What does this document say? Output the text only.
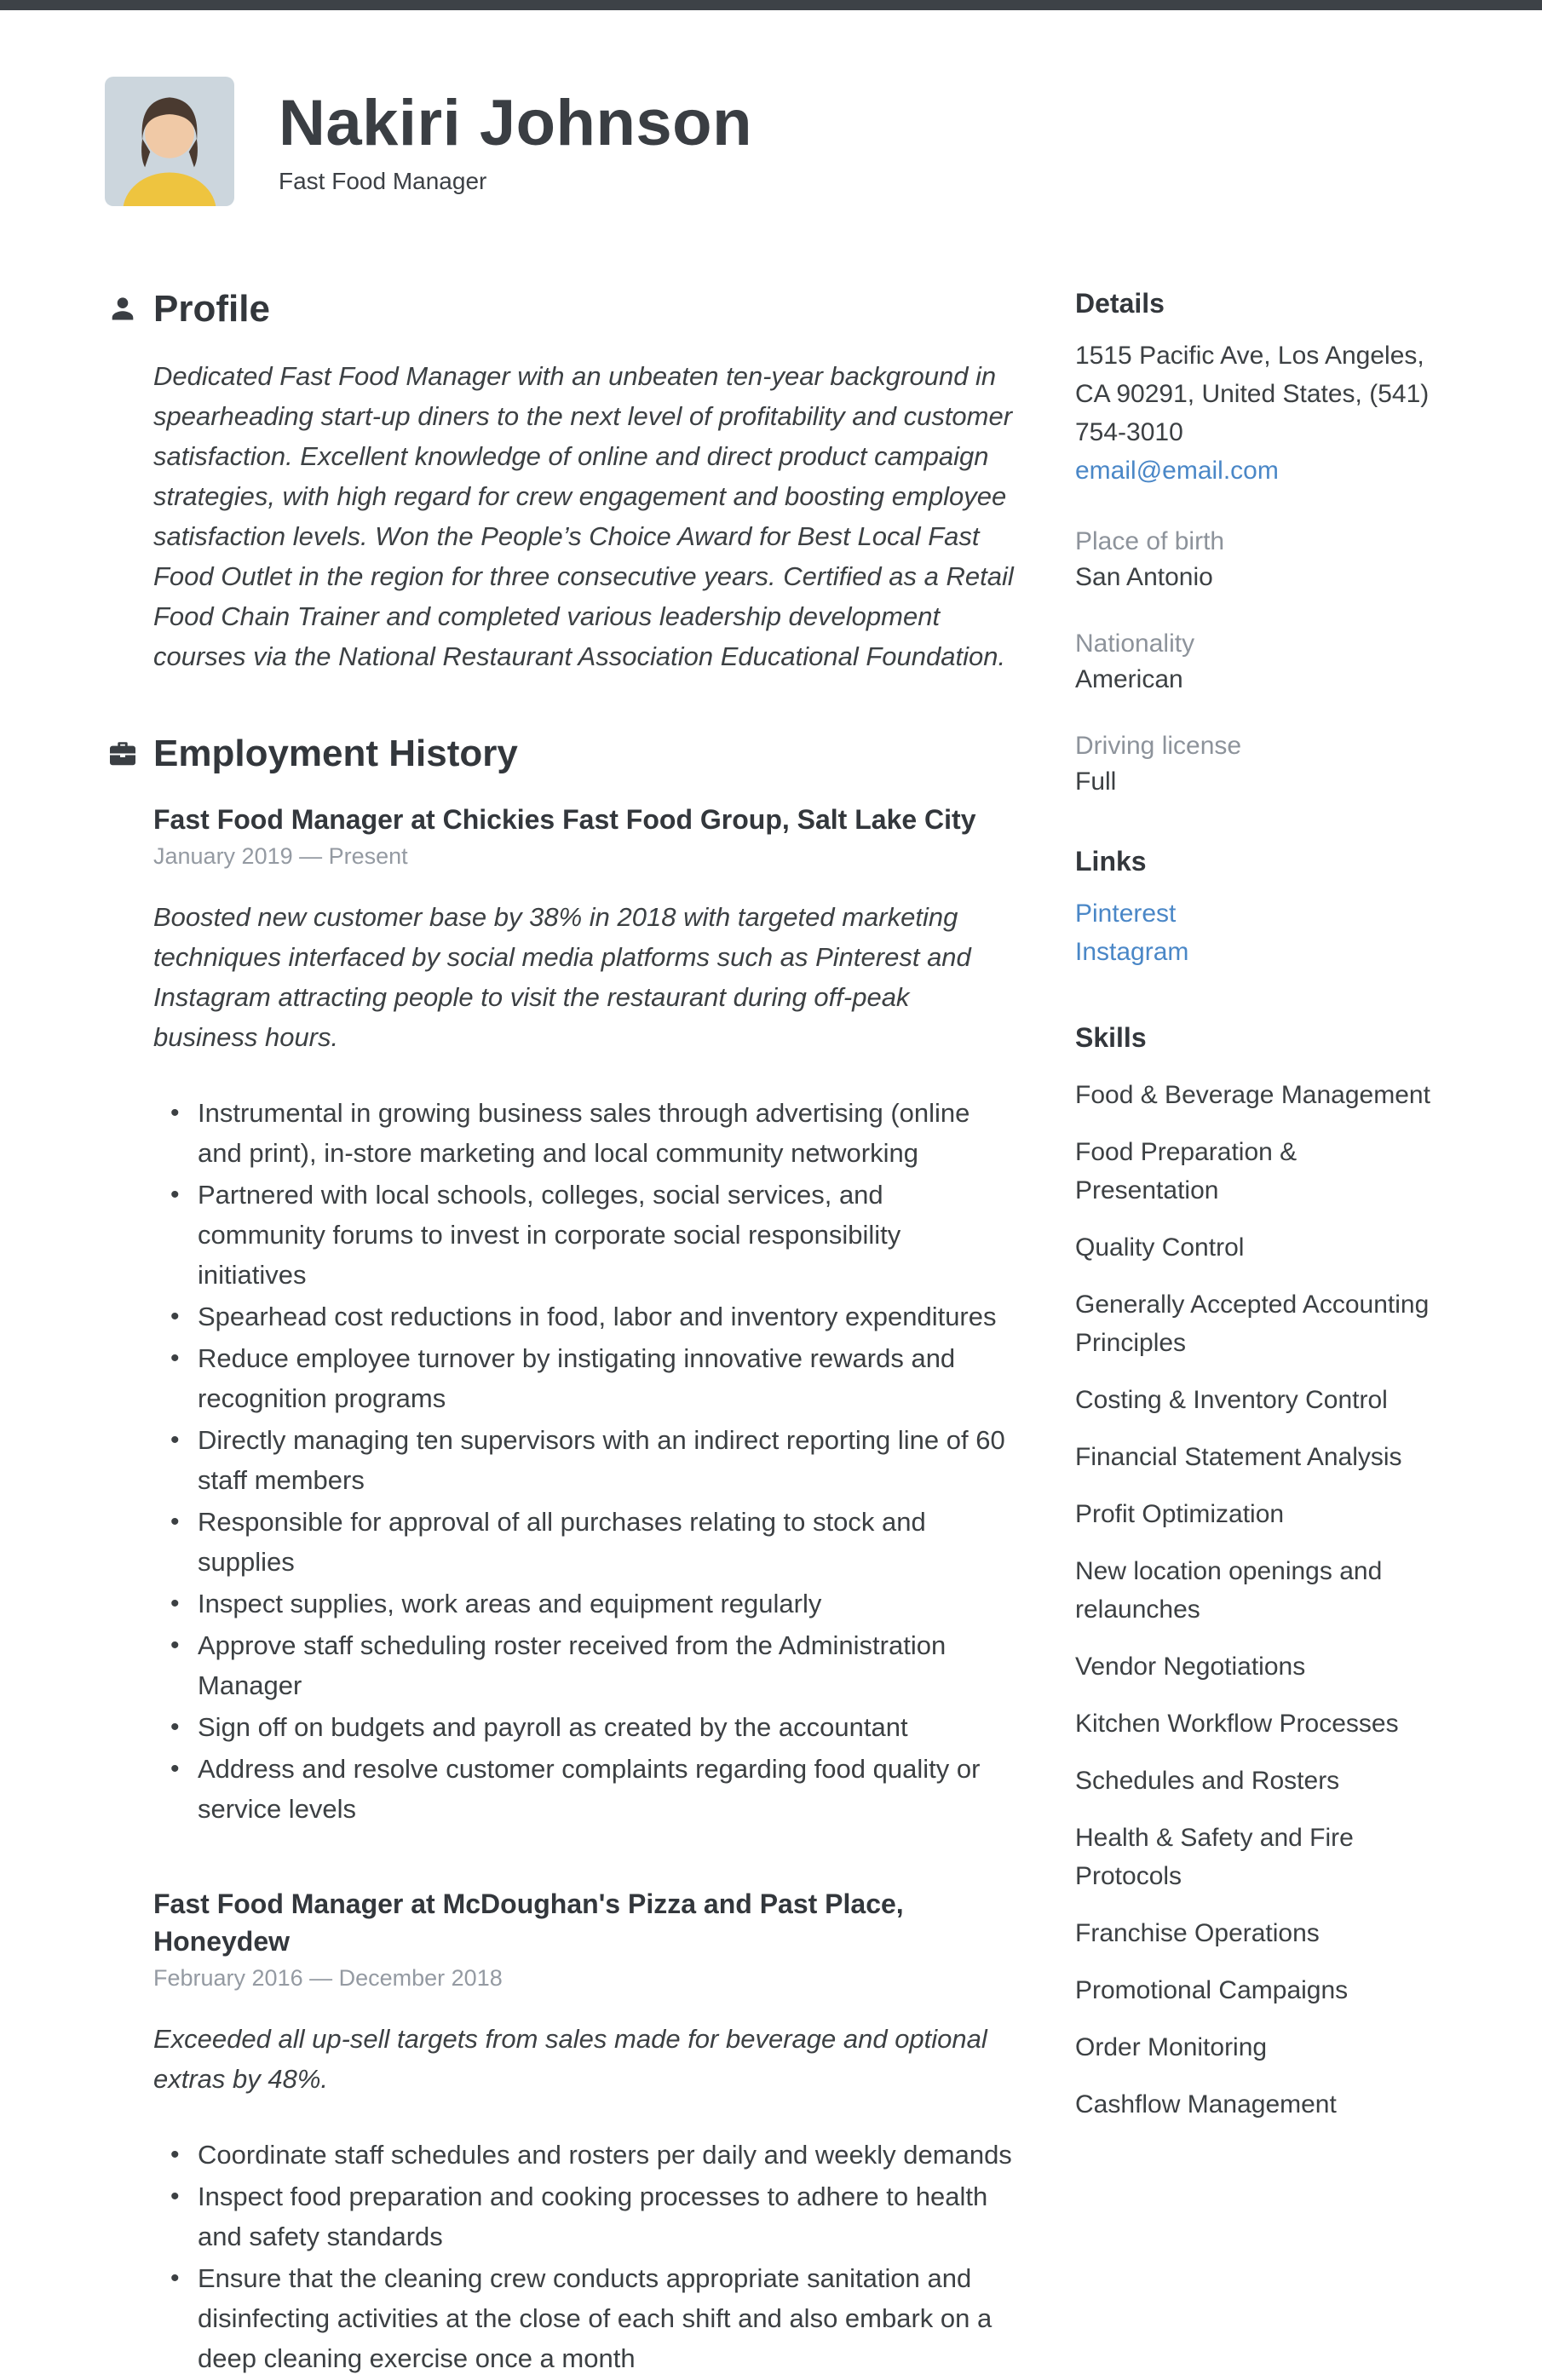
Nakiri Johnson
Fast Food Manager
Profile

Dedicated Fast Food Manager with an unbeaten ten-year background in spearheading start-up diners to the next level of profitability and customer satisfaction. Excellent knowledge of online and direct product campaign strategies, with high regard for crew engagement and boosting employee satisfaction levels. Won the People’s Choice Award for Best Local Fast Food Outlet in the region for three consecutive years. Certified as a Retail Food Chain Trainer and completed various leadership development courses via the National Restaurant Association Educational Foundation.

Employment History
Fast Food Manager at Chickies Fast Food Group, Salt Lake City
January 2019 — Present

Boosted new customer base by 38% in 2018 with targeted marketing techniques interfaced by social media platforms such as Pinterest and Instagram attracting people to visit the restaurant during off-peak business hours.

• Instrumental in growing business sales through advertising (online and print), in-store marketing and local community networking
• Partnered with local schools, colleges, social services, and community forums to invest in corporate social responsibility initiatives
• Spearhead cost reductions in food, labor and inventory expenditures
• Reduce employee turnover by instigating innovative rewards and recognition programs
• Directly managing ten supervisors with an indirect reporting line of 60 staff members
• Responsible for approval of all purchases relating to stock and supplies
• Inspect supplies, work areas and equipment regularly
• Approve staff scheduling roster received from the Administration Manager
• Sign off on budgets and payroll as created by the accountant
• Address and resolve customer complaints regarding food quality or service levels
Fast Food Manager at McDoughan's Pizza and Past Place, Honeydew
February 2016 — December 2018

Exceeded all up-sell targets from sales made for beverage and optional extras by 48%.

• Coordinate staff schedules and rosters per daily and weekly demands
• Inspect food preparation and cooking processes to adhere to health and safety standards
• Ensure that the cleaning crew conducts appropriate sanitation and disinfecting activities at the close of each shift and also embark on a deep cleaning exercise once a month
Details
1515 Pacific Ave, Los Angeles, CA 90291, United States, (541) 754-3010
email@email.com
Place of birth
San Antonio
Nationality
American
Driving license
Full
Links
Pinterest
Instagram
Skills
Food & Beverage Management
Food Preparation & Presentation
Quality Control
Generally Accepted Accounting Principles
Costing & Inventory Control
Financial Statement Analysis
Profit Optimization
New location openings and relaunches
Vendor Negotiations
Kitchen Workflow Processes
Schedules and Rosters
Health & Safety and Fire Protocols
Franchise Operations
Promotional Campaigns
Order Monitoring
Cashflow Management
